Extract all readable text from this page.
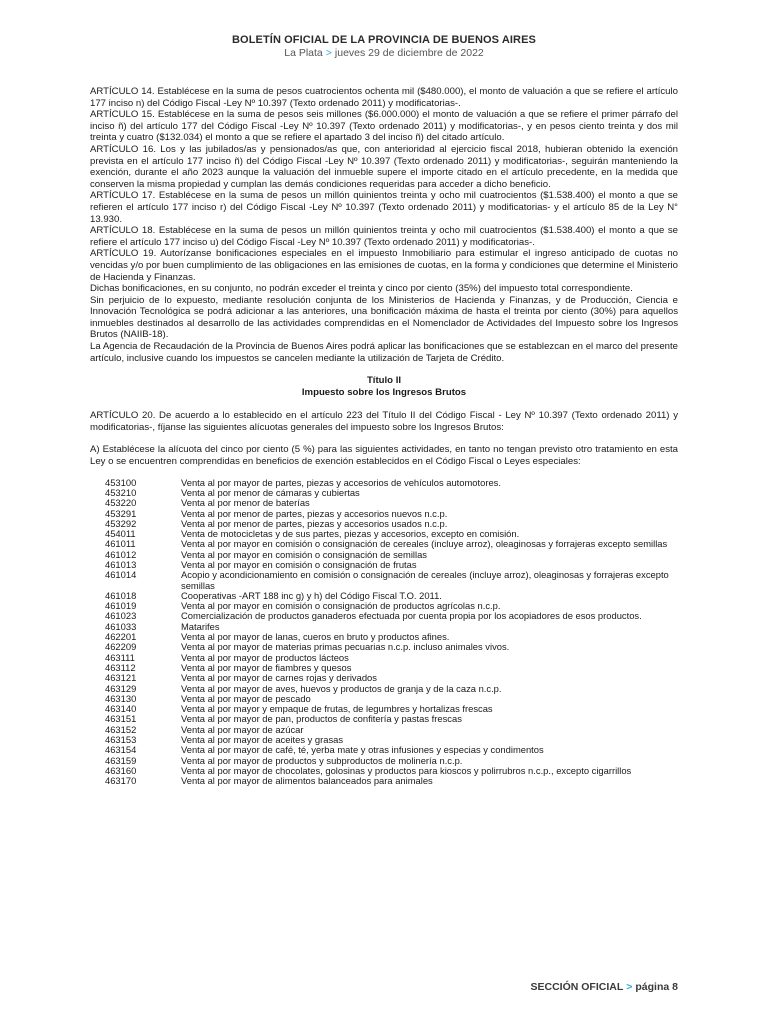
BOLETÍN OFICIAL DE LA PROVINCIA DE BUENOS AIRES
La Plata > jueves 29 de diciembre de 2022

ARTÍCULO 14. Establécese en la suma de pesos cuatrocientos ochenta mil ($480.000), el monto de valuación a que se refiere el artículo 177 inciso n) del Código Fiscal -Ley Nº 10.397 (Texto ordenado 2011) y modificatorias-.

ARTÍCULO 15. Establécese en la suma de pesos seis millones ($6.000.000) el monto de valuación a que se refiere el primer párrafo del inciso ñ) del artículo 177 del Código Fiscal -Ley Nº 10.397 (Texto ordenado 2011) y modificatorias-, y en pesos ciento treinta y dos mil treinta y cuatro ($132.034) el monto a que se refiere el apartado 3 del inciso ñ) del citado artículo.

ARTÍCULO 16. Los y las jubilados/as y pensionados/as que, con anterioridad al ejercicio fiscal 2018, hubieran obtenido la exención prevista en el artículo 177 inciso ñ) del Código Fiscal -Ley Nº 10.397 (Texto ordenado 2011) y modificatorias-, seguirán manteniendo la exención, durante el año 2023 aunque la valuación del inmueble supere el importe citado en el artículo precedente, en la medida que conserven la misma propiedad y cumplan las demás condiciones requeridas para acceder a dicho beneficio.

ARTÍCULO 17. Establécese en la suma de pesos un millón quinientos treinta y ocho mil cuatrocientos ($1.538.400) el monto a que se refieren el artículo 177 inciso r) del Código Fiscal -Ley Nº 10.397 (Texto ordenado 2011) y modificatorias- y el artículo 85 de la Ley N° 13.930.

ARTÍCULO 18. Establécese en la suma de pesos un millón quinientos treinta y ocho mil cuatrocientos ($1.538.400) el monto a que se refiere el artículo 177 inciso u) del Código Fiscal -Ley Nº 10.397 (Texto ordenado 2011) y modificatorias-.

ARTÍCULO 19. Autorízanse bonificaciones especiales en el impuesto Inmobiliario para estimular el ingreso anticipado de cuotas no vencidas y/o por buen cumplimiento de las obligaciones en las emisiones de cuotas, en la forma y condiciones que determine el Ministerio de Hacienda y Finanzas.

Dichas bonificaciones, en su conjunto, no podrán exceder el treinta y cinco por ciento (35%) del impuesto total correspondiente.

Sin perjuicio de lo expuesto, mediante resolución conjunta de los Ministerios de Hacienda y Finanzas, y de Producción, Ciencia e Innovación Tecnológica se podrá adicionar a las anteriores, una bonificación máxima de hasta el treinta por ciento (30%) para aquellos inmuebles destinados al desarrollo de las actividades comprendidas en el Nomenclador de Actividades del Impuesto sobre los Ingresos Brutos (NAIIB-18).

La Agencia de Recaudación de la Provincia de Buenos Aires podrá aplicar las bonificaciones que se establezcan en el marco del presente artículo, inclusive cuando los impuestos se cancelen mediante la utilización de Tarjeta de Crédito.

Título II
Impuesto sobre los Ingresos Brutos

ARTÍCULO 20. De acuerdo a lo establecido en el artículo 223 del Título II del Código Fiscal - Ley Nº 10.397 (Texto ordenado 2011) y modificatorias-, fíjanse las siguientes alícuotas generales del impuesto sobre los Ingresos Brutos:

A) Establécese la alícuota del cinco por ciento (5 %) para las siguientes actividades, en tanto no tengan previsto otro tratamiento en esta Ley o se encuentren comprendidas en beneficios de exención establecidos en el Código Fiscal o Leyes especiales:

453100	Venta al por mayor de partes, piezas y accesorios de vehículos automotores.
453210	Venta al por menor de cámaras y cubiertas
453220	Venta al por menor de baterías
453291	Venta al por menor de partes, piezas y accesorios nuevos n.c.p.
453292	Venta al por menor de partes, piezas y accesorios usados n.c.p.
454011	Venta de motocicletas y de sus partes, piezas y accesorios, excepto en comisión.
461011	Venta al por mayor en comisión o consignación de cereales (incluye arroz), oleaginosas y forrajeras excepto semillas
461012	Venta al por mayor en comisión o consignación de semillas
461013	Venta al por mayor en comisión o consignación de frutas
461014	Acopio y acondicionamiento en comisión o consignación de cereales (incluye arroz), oleaginosas y forrajeras excepto semillas
461018	Cooperativas -ART 188 inc g) y h) del Código Fiscal T.O. 2011.
461019	Venta al por mayor en comisión o consignación de productos agrícolas n.c.p.
461023	Comercialización de productos ganaderos efectuada por cuenta propia por los acopiadores de esos productos.
461033	Matarifes
462201	Venta al por mayor de lanas, cueros en bruto y productos afines.
462209	Venta al por mayor de materias primas pecuarias n.c.p. incluso animales vivos.
463111	Venta al por mayor de productos lácteos
463112	Venta al por mayor de fiambres y quesos
463121	Venta al por mayor de carnes rojas y derivados
463129	Venta al por mayor de aves, huevos y productos de granja y de la caza n.c.p.
463130	Venta al por mayor de pescado
463140	Venta al por mayor y empaque de frutas, de legumbres y hortalizas frescas
463151	Venta al por mayor de pan, productos de confitería y pastas frescas
463152	Venta al por mayor de azúcar
463153	Venta al por mayor de aceites y grasas
463154	Venta al por mayor de café, té, yerba mate y otras infusiones y especias y condimentos
463159	Venta al por mayor de productos y subproductos de molinería n.c.p.
463160	Venta al por mayor de chocolates, golosinas y productos para kioscos y polirrubros n.c.p., excepto cigarrillos
463170	Venta al por mayor de alimentos balanceados para animales
SECCIÓN OFICIAL > página 8
